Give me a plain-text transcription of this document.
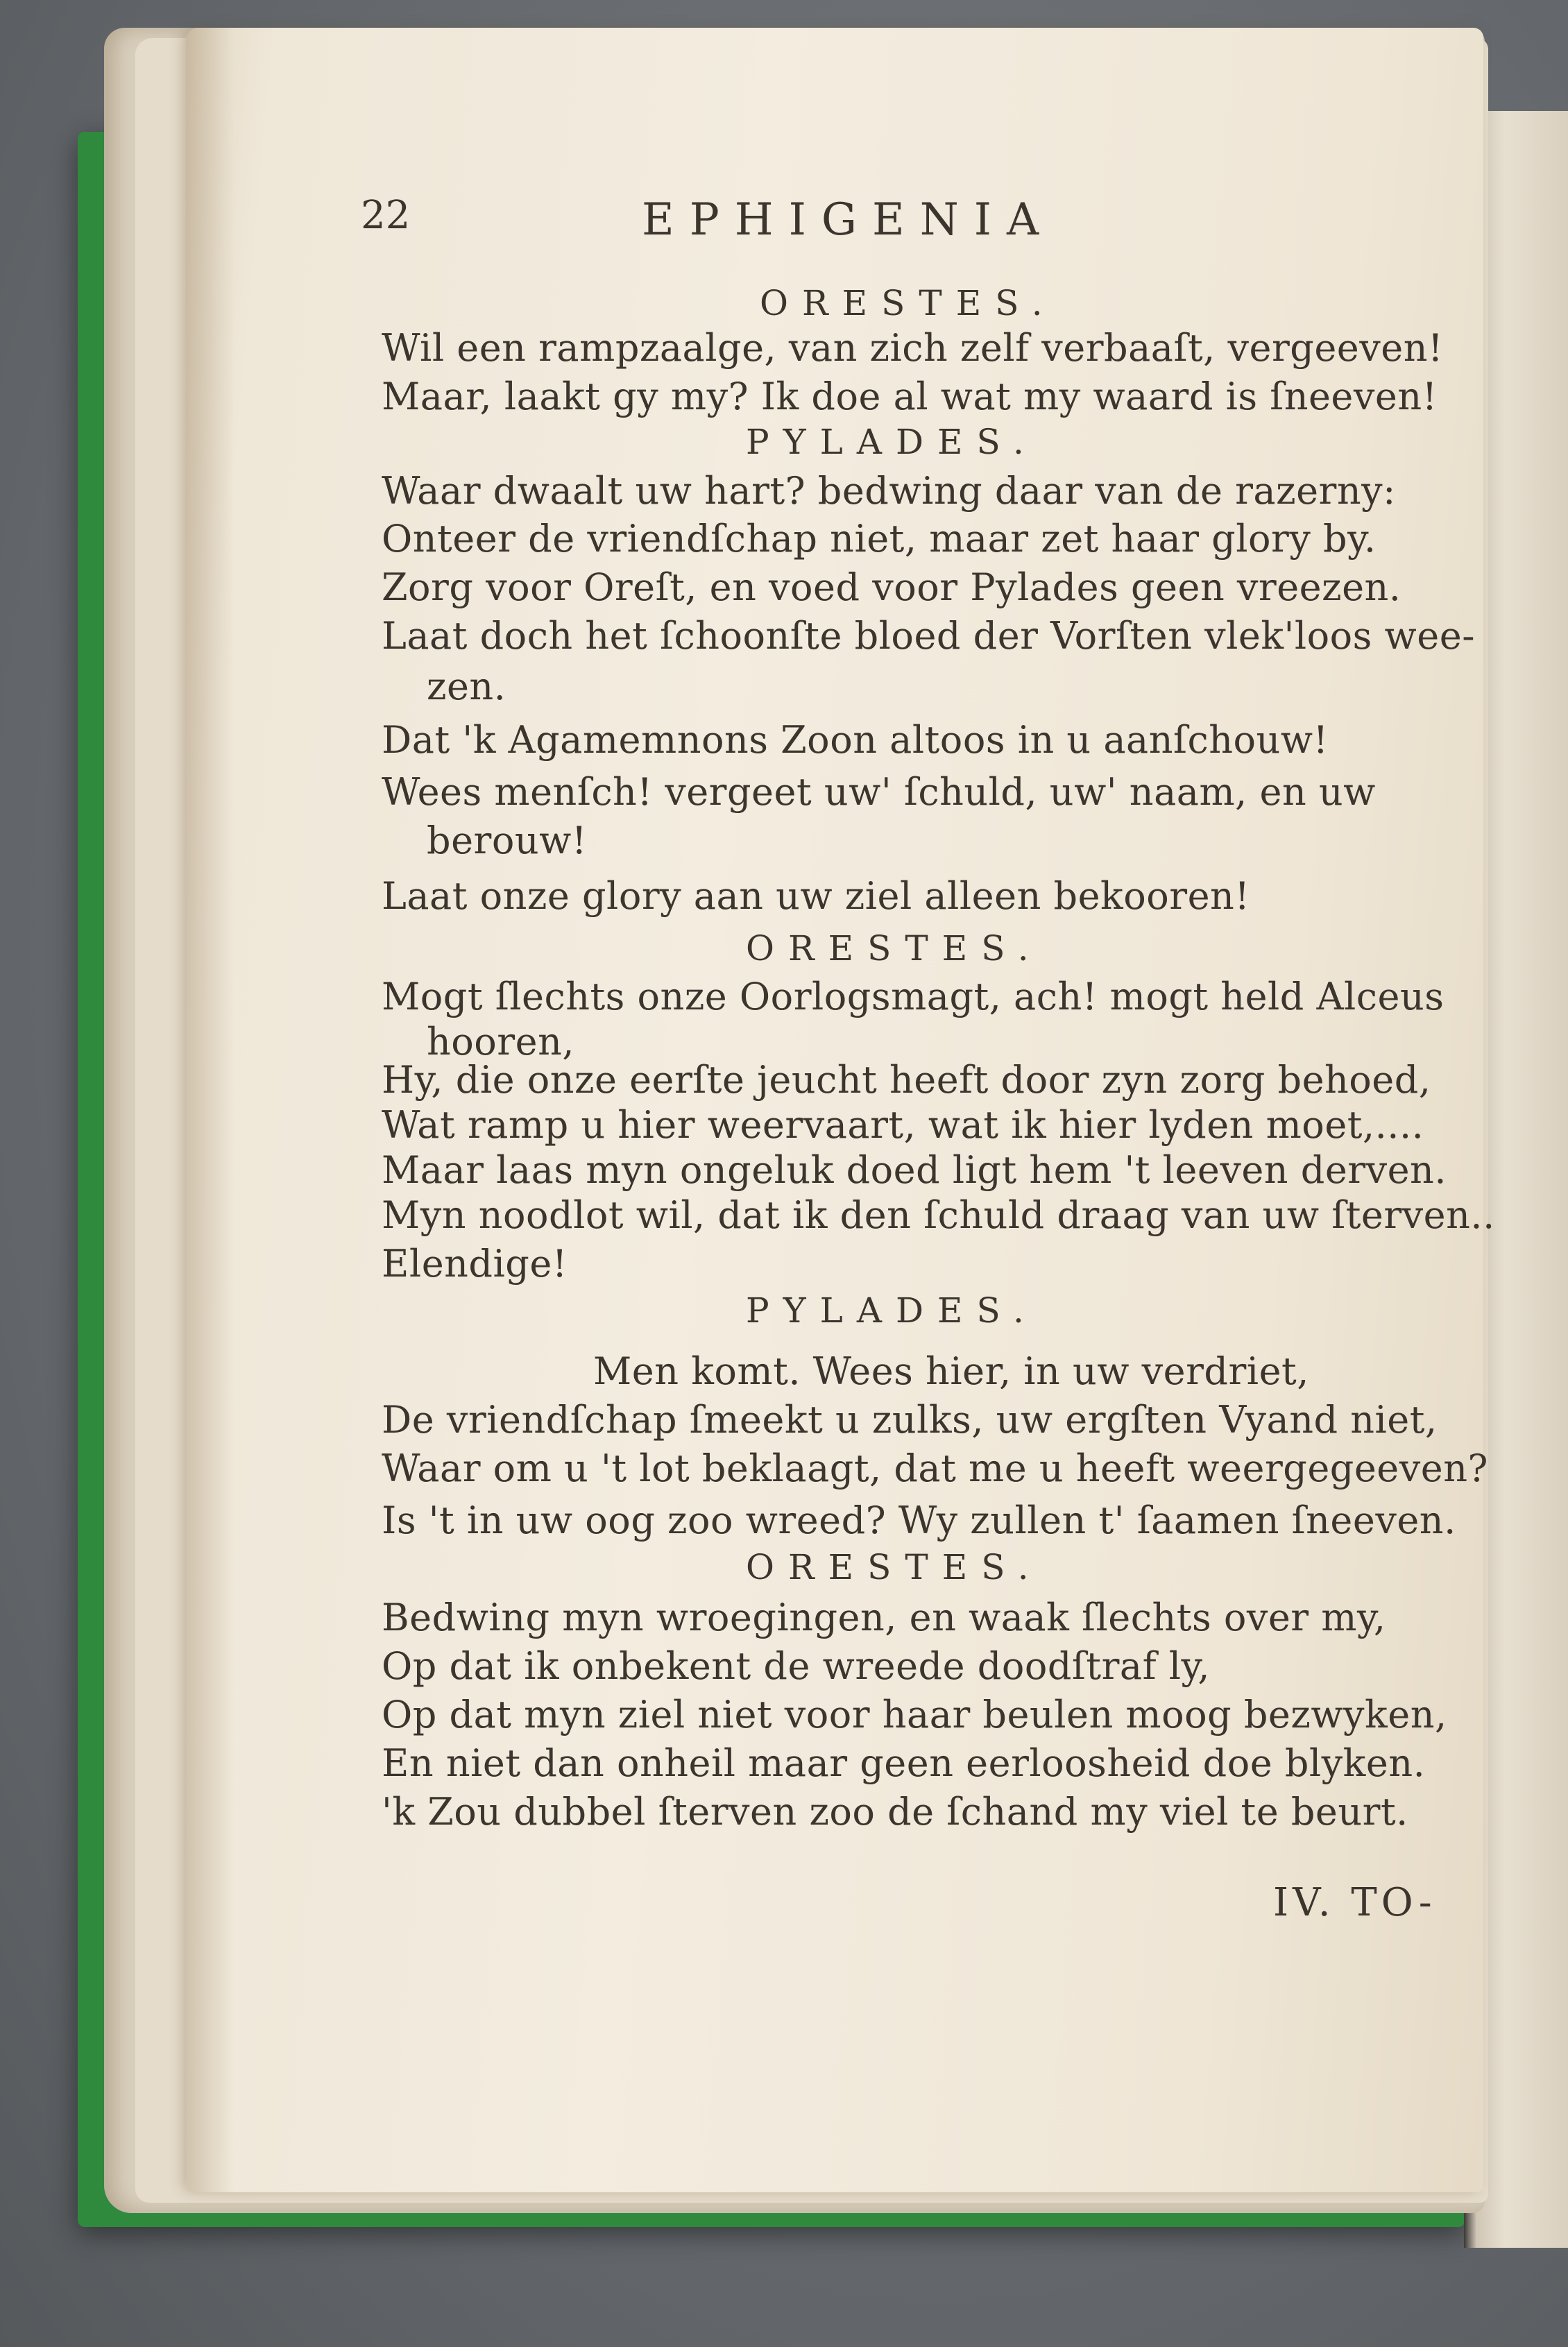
22	EPHIGENIA
ORESTES.
Wil een rampzaalge, van zich zelf verbaaſt, vergeeven!
Maar, laakt gy my? Ik doe al wat my waard is ſneeven!
PYLADES.
Waar dwaalt uw hart? bedwing daar van de razerny:
Onteer de vriendſchap niet, maar zet haar glory by.
Zorg voor Oreſt, en voed voor Pylades geen vreezen.
Laat doch het ſchoonſte bloed der Vorſten vlek'loos wee-
zen.
Dat 'k Agamemnons Zoon altoos in u aanſchouw!
Wees menſch! vergeet uw' ſchuld, uw' naam, en uw
berouw!
Laat onze glory aan uw ziel alleen bekooren!
ORESTES.
Mogt ſlechts onze Oorlogsmagt, ach! mogt held Alceus
hooren,
Hy, die onze eerſte jeucht heeft door zyn zorg behoed,
Wat ramp u hier weervaart, wat ik hier lyden moet,....
Maar laas myn ongeluk doed ligt hem 't leeven derven.
Myn noodlot wil, dat ik den ſchuld draag van uw ſterven..
Elendige!
PYLADES.
Men komt. Wees hier, in uw verdriet,
De vriendſchap ſmeekt u zulks, uw ergſten Vyand niet,
Waar om u 't lot beklaagt, dat me u heeft weergegeeven?
Is 't in uw oog zoo wreed? Wy zullen t' ſaamen ſneeven.
ORESTES.
Bedwing myn wroegingen, en waak ſlechts over my,
Op dat ik onbekent de wreede doodſtraf ly,
Op dat myn ziel niet voor haar beulen moog bezwyken,
En niet dan onheil maar geen eerloosheid doe blyken.
'k Zou dubbel ſterven zoo de ſchand my viel te beurt.
IV. TO-
